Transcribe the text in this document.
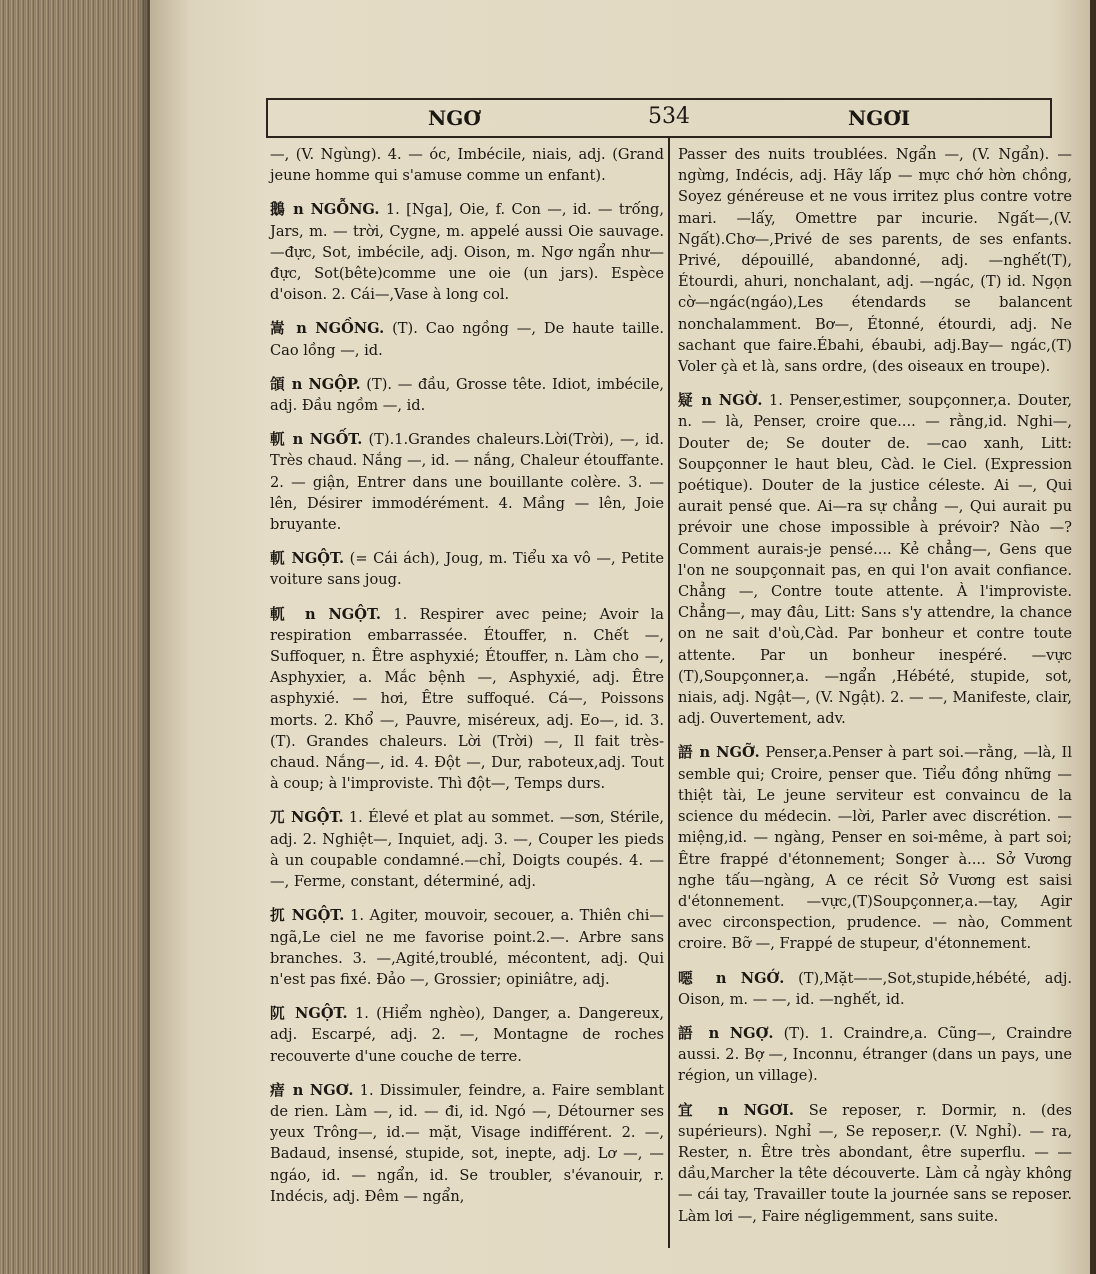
NGƠ	534	NGƠI

—, (V. Ngùng). 4. — óc, Imbécile, niais, adj. (Grand jeune homme qui s'amuse comme un enfant).

鵝 n NGỖNG. 1. [Nga], Oie, f. Con —, id. — trống, Jars, m. — trời, Cygne, m. appelé aussi Oie sauvage. —đực, Sot, imbécile, adj. Oison, m. Ngơ ngẩn như—đực, Sot(bête)comme une oie (un jars). Espèce d'oison. 2. Cái—,Vase à long col.

嵩 n NGỒNG. (T). Cao ngồng —, De haute taille. Cao lồng —, id.

頜 n NGỘP. (T). — đầu, Grosse tête. Idiot, imbécile, adj. Đầu ngồm —, id.

軏 n NGỐT. (T).1.Grandes chaleurs.Lời(Trời), —, id. Très chaud. Nắng —, id. — nắng, Chaleur étouffante. 2. — giận, Entrer dans une bouillante colère. 3. — lên, Désirer immodérément. 4. Mầng — lên, Joie bruyante.

軏 NGỘT. (= Cái ách), Joug, m. Tiểu xa vô —, Petite voiture sans joug.

軏 n NGỘT. 1. Respirer avec peine; Avoir la respiration embarrassée. Étouffer, n. Chết —, Suffoquer, n. Être asphyxié; Étouffer, n. Làm cho —, Asphyxier, a. Mắc bệnh —, Asphyxié, adj. Être asphyxié. — hơi, Être suffoqué. Cá—, Poissons morts. 2. Khổ —, Pauvre, miséreux, adj. Eo—, id. 3. (T). Grandes chaleurs. Lời (Trời) —, Il fait très-chaud. Nắng—, id. 4. Đột —, Dur, raboteux,adj. Tout à coup; à l'improviste. Thì đột—, Temps durs.

兀 NGỘT. 1. Élevé et plat au sommet. —sơn, Stérile, adj. 2. Nghiệt—, Inquiet, adj. 3. —, Couper les pieds à un coupable condamné.—chỉ, Doigts coupés. 4. — —, Ferme, constant, déterminé, adj.

扤 NGỘT. 1. Agiter, mouvoir, secouer, a. Thiên chi—ngã,Le ciel ne me favorise point.2.—. Arbre sans branches. 3. —,Agité,troublé, mécontent, adj. Qui n'est pas fixé. Đảo —, Grossier; opiniâtre, adj.

阢 NGỘT. 1. (Hiểm nghèo), Danger, a. Dangereux, adj. Escarpé, adj. 2. —, Montagne de roches recouverte d'une couche de terre.

瘖 n NGƠ. 1. Dissimuler, feindre, a. Faire semblant de rien. Làm —, id. — đi, id. Ngó —, Détourner ses yeux Trông—, id.— mặt, Visage indifférent. 2. —, Badaud, insensé, stupide, sot, inepte, adj. Lơ —, — ngáo, id. — ngẩn, id. Se troubler, s'évanouir, r. Indécis, adj. Đêm — ngẩn,

Passer des nuits troublées. Ngẩn —, (V. Ngẩn). — ngừng, Indécis, adj. Hãy lấp — mực chớ hờn chồng, Soyez généreuse et ne vous irritez plus contre votre mari. —lấy, Omettre par incurie. Ngất—,(V. Ngất).Chơ—,Privé de ses parents, de ses enfants. Privé, dépouillé, abandonné, adj. —nghết(T), Étourdi, ahuri, nonchalant, adj. —ngác, (T) id. Ngọn cờ—ngác(ngáo),Les étendards se balancent nonchalamment. Bơ—, Étonné, étourdi, adj. Ne sachant que faire.Ébahi, ébaubi, adj.Bay— ngác,(T) Voler çà et là, sans ordre, (des oiseaux en troupe).

疑 n NGỜ. 1. Penser,estimer, soupçonner,a. Douter, n. — là, Penser, croire que.... — rằng,id. Nghi—, Douter de; Se douter de. —cao xanh, Litt: Soupçonner le haut bleu, Càd. le Ciel. (Expression poétique). Douter de la justice céleste. Ai —, Qui aurait pensé que. Ai—ra sự chẳng —, Qui aurait pu prévoir une chose impossible à prévoir? Nào —? Comment aurais-je pensé.... Kẻ chẳng—, Gens que l'on ne soupçonnait pas, en qui l'on avait confiance. Chẳng —, Contre toute attente. À l'improviste. Chẳng—, may đâu, Litt: Sans s'y attendre, la chance on ne sait d'où,Càd. Par bonheur et contre toute attente. Par un bonheur inespéré. —vực (T),Soupçonner,a. —ngẩn ,Hébété, stupide, sot, niais, adj. Ngật—, (V. Ngật). 2. — —, Manifeste, clair, adj. Ouvertement, adv.

語 n NGỠ. Penser,a.Penser à part soi.—rằng, —là, Il semble qui; Croire, penser que. Tiểu đồng những — thiệt tài, Le jeune serviteur est convaincu de la science du médecin. —lời, Parler avec discrétion. —miệng,id. — ngàng, Penser en soi-même, à part soi; Être frappé d'étonnement; Songer à.... Sở Vương nghe tấu—ngàng, A ce récit Sở Vương est saisi d'étonnement. —vực,(T)Soupçonner,a.—tay, Agir avec circonspection, prudence. — nào, Comment croire. Bỡ —, Frappé de stupeur, d'étonnement.

噁 n NGỚ. (T),Mặt——,Sot,stupide,hébété, adj. Oison, m. — —, id. —nghết, id.

語 n NGỢ. (T). 1. Craindre,a. Cũng—, Craindre aussi. 2. Bợ —, Inconnu, étranger (dans un pays, une région, un village).

宜 n NGƠI. Se reposer, r. Dormir, n. (des supérieurs). Nghỉ —, Se reposer,r. (V. Nghỉ). — ra, Rester, n. Être très abondant, être superflu. — — dầu,Marcher la tête découverte. Làm cả ngày không — cái tay, Travailler toute la journée sans se reposer. Làm lơi —, Faire négligemment, sans suite.
